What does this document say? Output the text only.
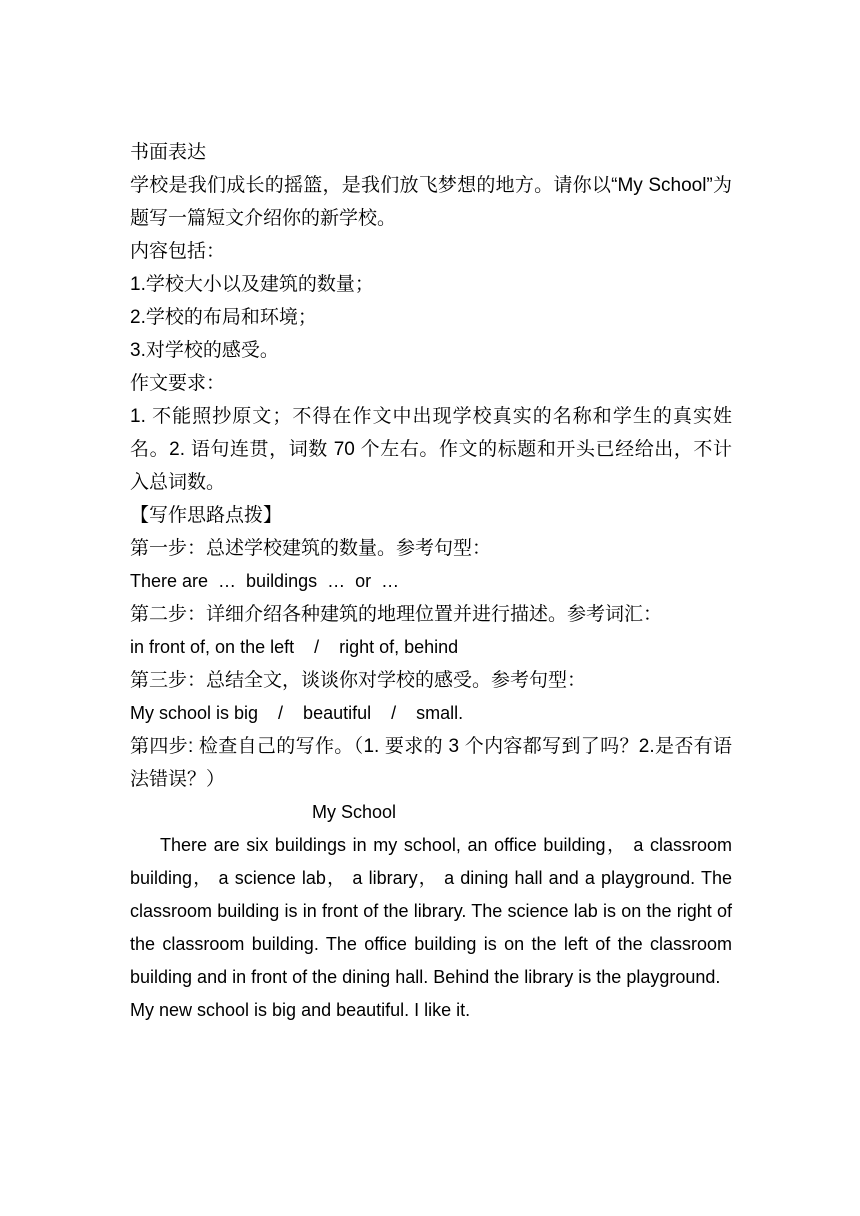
书面表达
学校是我们成长的摇篮，是我们放飞梦想的地方。请你以“My School”为题写一篇短文介绍你的新学校。
内容包括：
1.学校大小以及建筑的数量；
2.学校的布局和环境；
3.对学校的感受。
作文要求：
1. 不能照抄原文；不得在作文中出现学校真实的名称和学生的真实姓名。2. 语句连贯，词数 70 个左右。作文的标题和开头已经给出，不计入总词数。
【写作思路点拨】
第一步：总述学校建筑的数量。参考句型：
There are  …  buildings  …  or  …
第二步：详细介绍各种建筑的地理位置并进行描述。参考词汇：
in front of, on the left    /    right of, behind
第三步：总结全文，谈谈你对学校的感受。参考句型：
My school is big    /    beautiful    /    small.
第四步: 检查自己的写作。（1. 要求的 3 个内容都写到了吗？2.是否有语法错误？）
My School

There are six buildings in my school, an office building， a classroom building， a science lab， a library， a dining hall and a playground. The classroom building is in front of the library. The science lab is on the right of the classroom building. The office building is on the left of the classroom building and in front of the dining hall. Behind the library is the playground.

My new school is big and beautiful. I like it.
